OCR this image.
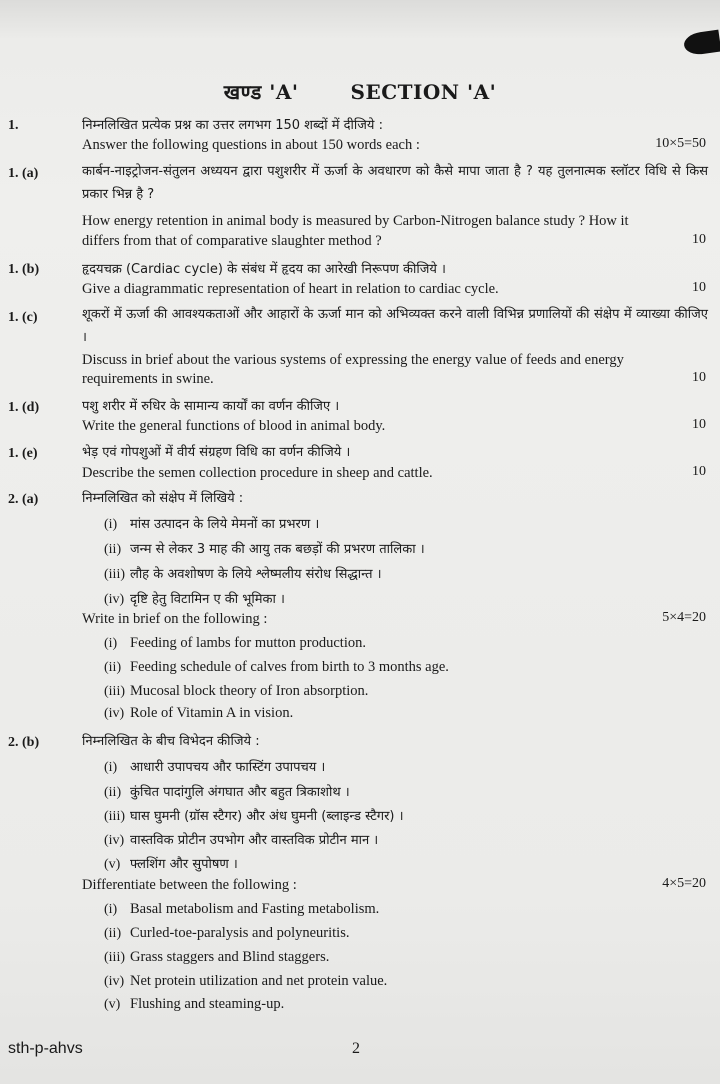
खण्ड 'A'	SECTION 'A'
1.	निम्नलिखित प्रत्येक प्रश्न का उत्तर लगभग 150 शब्दों में दीजिये :
Answer the following questions in about 150 words each :	10×5=50
1. (a)	कार्बन-नाइट्रोजन-संतुलन अध्ययन द्वारा पशुशरीर में ऊर्जा के अवधारण को कैसे मापा जाता है ? यह तुलनात्मक स्लॉटर विधि से किस प्रकार भिन्न है ?
How energy retention in animal body is measured by Carbon-Nitrogen balance study ? How it
differs from that of comparative slaughter method ?	10
1. (b)	हृदयचक्र (Cardiac cycle) के संबंध में हृदय का आरेखी निरूपण कीजिये ।
Give a diagrammatic representation of heart in relation to cardiac cycle.	10
1. (c)	शूकरों में ऊर्जा की आवश्यकताओं और आहारों के ऊर्जा मान को अभिव्यक्त करने वाली विभिन्न प्रणालियों की संक्षेप में व्याख्या कीजिए ।
Discuss in brief about the various systems of expressing the energy value of feeds and energy
requirements in swine.	10
1. (d)	पशु शरीर में रुधिर के सामान्य कार्यों का वर्णन कीजिए ।
Write the general functions of blood in animal body.	10
1. (e)	भेड़ एवं गोपशुओं में वीर्य संग्रहण विधि का वर्णन कीजिये ।
Describe the semen collection procedure in sheep and cattle.	10
2. (a)	निम्नलिखित को संक्षेप में लिखिये :
(i) मांस उत्पादन के लिये मेमनों का प्रभरण ।
(ii) जन्म से लेकर 3 माह की आयु तक बछड़ों की प्रभरण तालिका ।
(iii) लौह के अवशोषण के लिये श्लेष्मलीय संरोध सिद्धान्त ।
(iv) दृष्टि हेतु विटामिन ए की भूमिका ।
Write in brief on the following :	5×4=20
(i) Feeding of lambs for mutton production.
(ii) Feeding schedule of calves from birth to 3 months age.
(iii) Mucosal block theory of Iron absorption.
(iv) Role of Vitamin A in vision.
2. (b)	निम्नलिखित के बीच विभेदन कीजिये :
(i) आधारी उपापचय और फास्टिंग उपापचय ।
(ii) कुंचित पादांगुलि अंगघात और बहुत त्रिकाशोथ ।
(iii) घास घुमनी (ग्रॉस स्टैगर) और अंध घुमनी (ब्लाइन्ड स्टैगर) ।
(iv) वास्तविक प्रोटीन उपभोग और वास्तविक प्रोटीन मान ।
(v) फ्लशिंग और सुपोषण ।
Differentiate between the following :	4×5=20
(i) Basal metabolism and Fasting metabolism.
(ii) Curled-toe-paralysis and polyneuritis.
(iii) Grass staggers and Blind staggers.
(iv) Net protein utilization and net protein value.
(v) Flushing and steaming-up.
sth-p-ahvs	2
